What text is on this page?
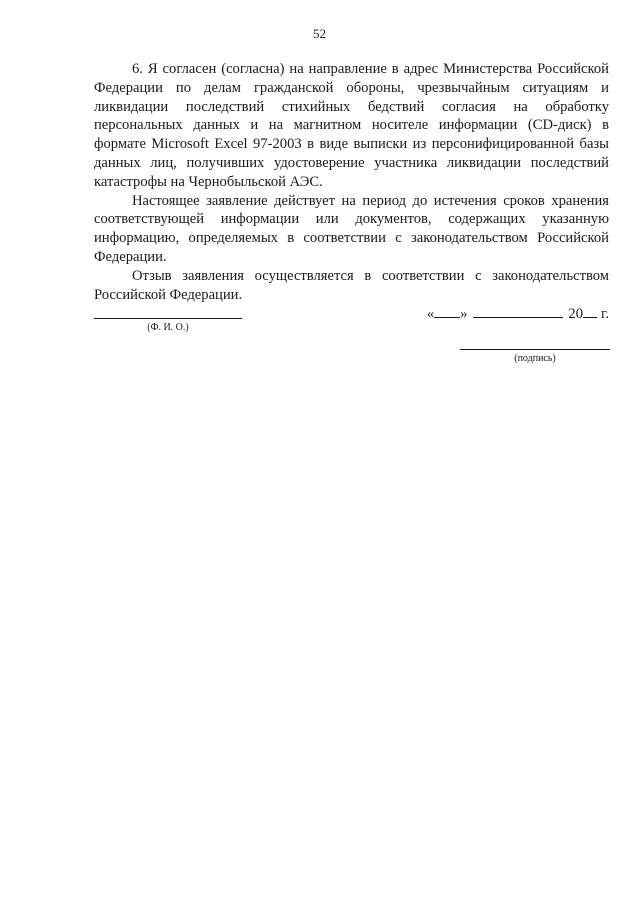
52

6. Я согласен (согласна) на направление в адрес Министерства Российской Федерации по делам гражданской обороны, чрезвычайным ситуациям и ликвидации последствий стихийных бедствий согласия на обработку персональных данных и на магнитном носителе информации (CD-диск) в формате Microsoft Excel 97-2003 в виде выписки из персонифицированной базы данных лиц, получивших удостоверение участника ликвидации последствий катастрофы на Чернобыльской АЭС.

Настоящее заявление действует на период до истечения сроков хранения соответствующей информации или документов, содержащих указанную информацию, определяемых в соответствии с законодательством Российской Федерации.

Отзыв заявления осуществляется в соответствии с законодательством Российской Федерации.

(Ф. И. О.)
« »	20 г.
(подпись)
